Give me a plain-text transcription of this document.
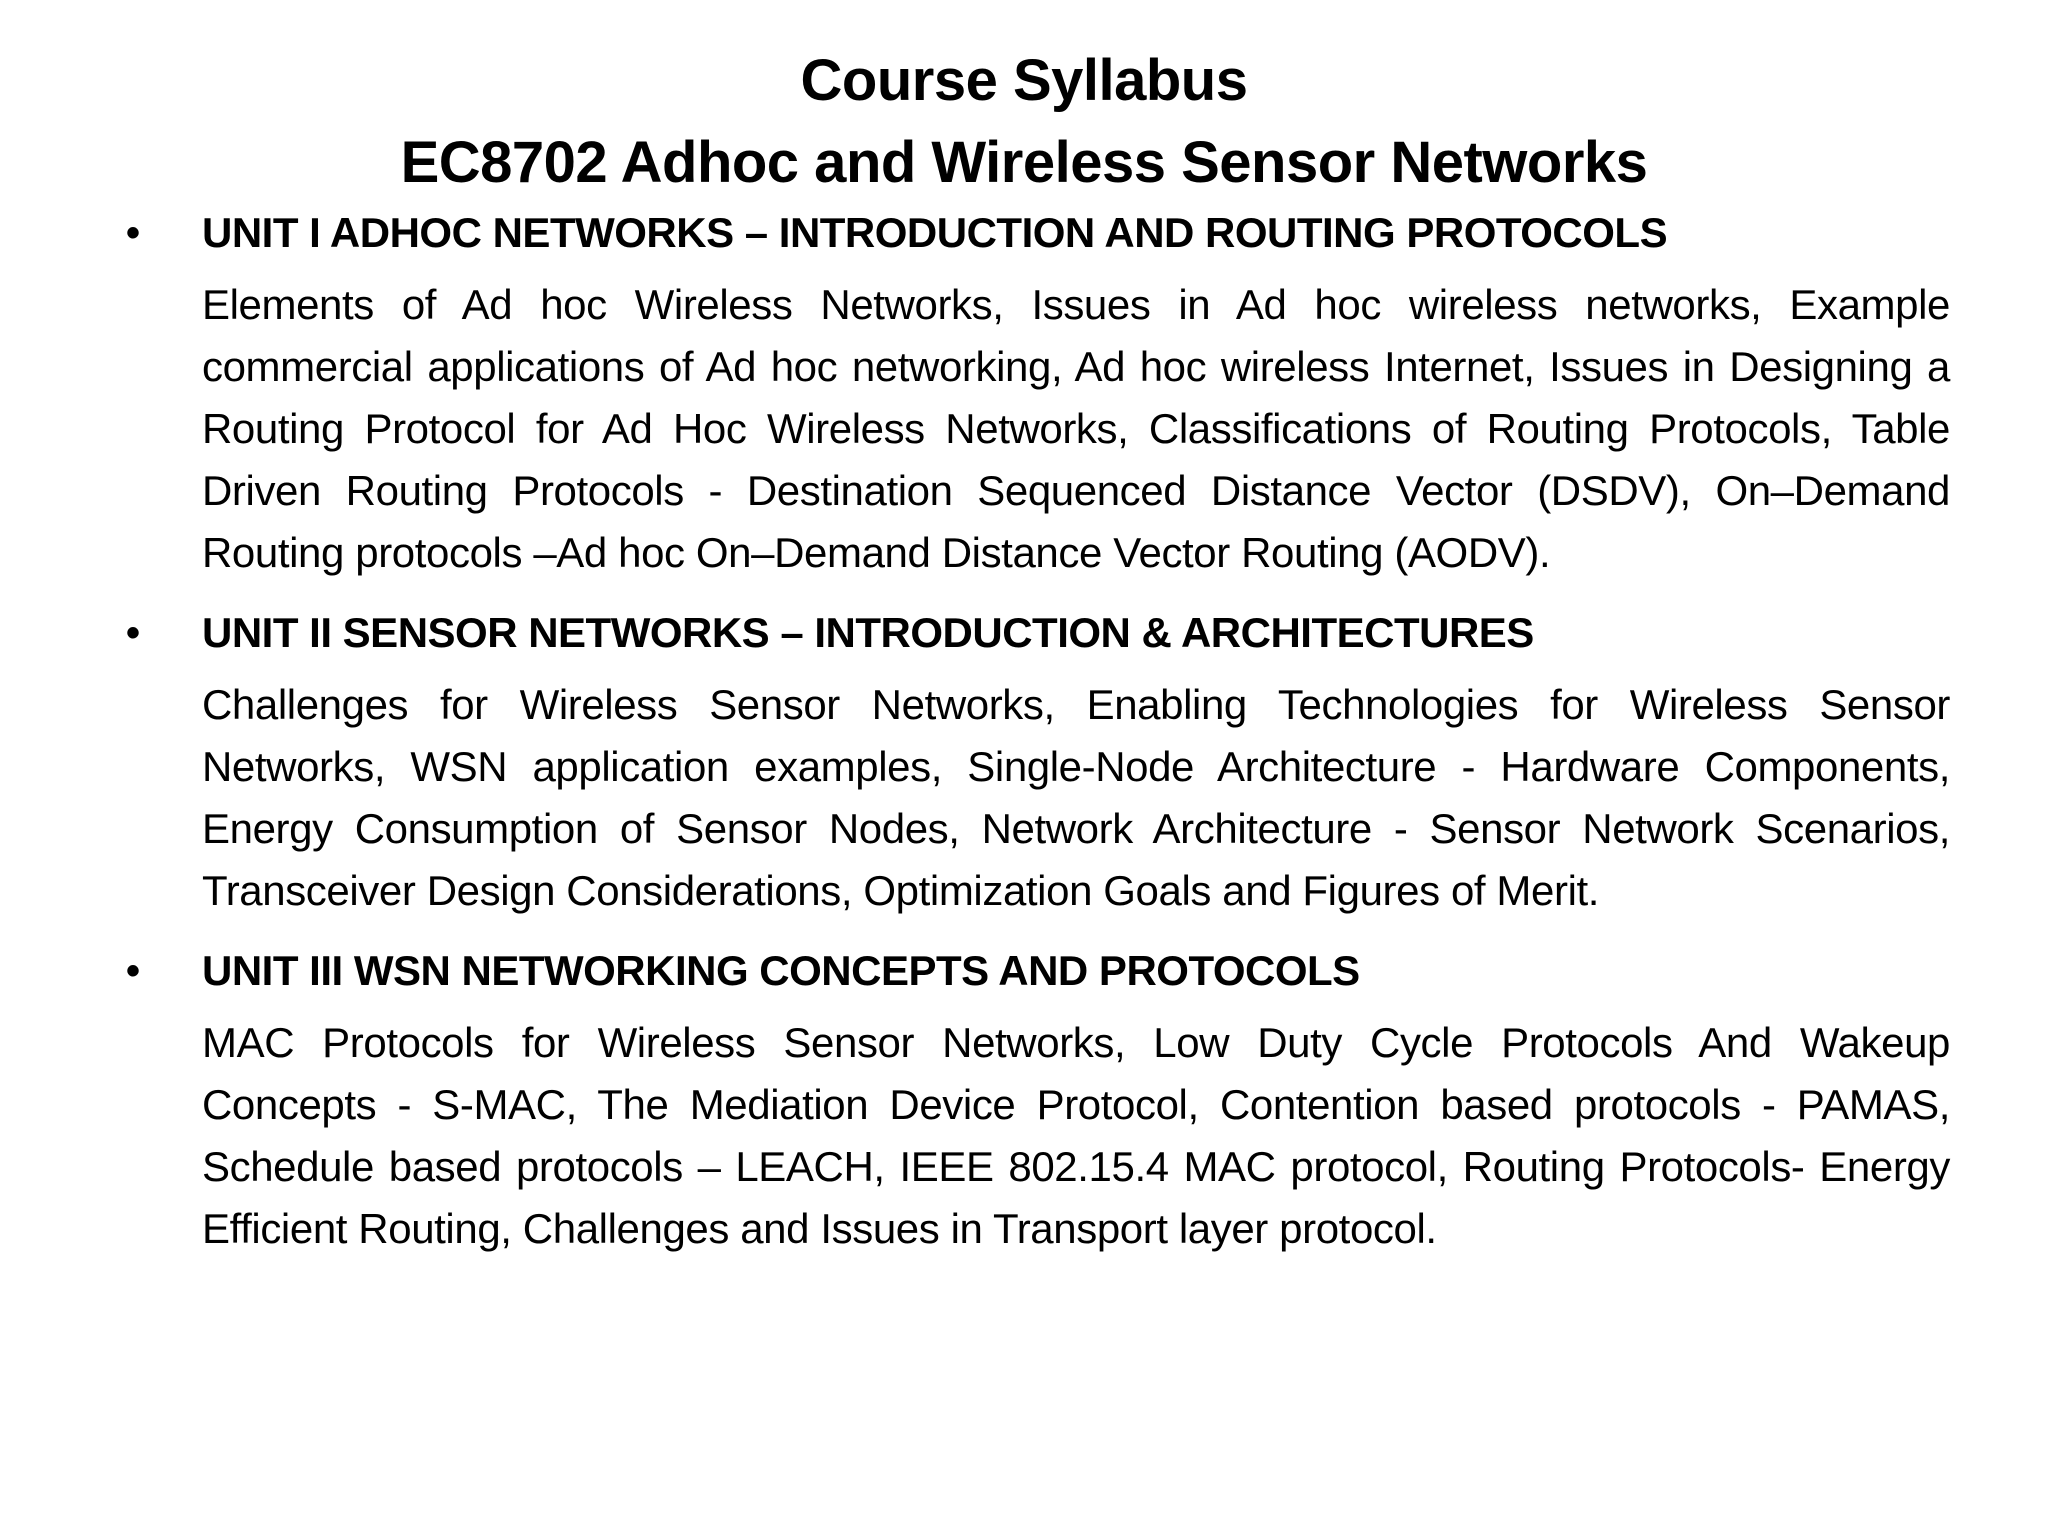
Course Syllabus
EC8702 Adhoc and Wireless Sensor Networks
• UNIT I ADHOC NETWORKS – INTRODUCTION AND ROUTING PROTOCOLS
Elements of Ad hoc Wireless Networks, Issues in Ad hoc wireless networks, Example commercial applications of Ad hoc networking, Ad hoc wireless Internet, Issues in Designing a Routing Protocol for Ad Hoc Wireless Networks, Classifications of Routing Protocols, Table Driven Routing Protocols - Destination Sequenced Distance Vector (DSDV), On–Demand Routing protocols –Ad hoc On–Demand Distance Vector Routing (AODV).
• UNIT II SENSOR NETWORKS – INTRODUCTION & ARCHITECTURES
Challenges for Wireless Sensor Networks, Enabling Technologies for Wireless Sensor Networks, WSN application examples, Single-Node Architecture - Hardware Components, Energy Consumption of Sensor Nodes, Network Architecture - Sensor Network Scenarios, Transceiver Design Considerations, Optimization Goals and Figures of Merit.
• UNIT III WSN NETWORKING CONCEPTS AND PROTOCOLS
MAC Protocols for Wireless Sensor Networks, Low Duty Cycle Protocols And Wakeup Concepts - S-MAC, The Mediation Device Protocol, Contention based protocols - PAMAS, Schedule based protocols – LEACH, IEEE 802.15.4 MAC protocol, Routing Protocols- Energy Efficient Routing, Challenges and Issues in Transport layer protocol.
